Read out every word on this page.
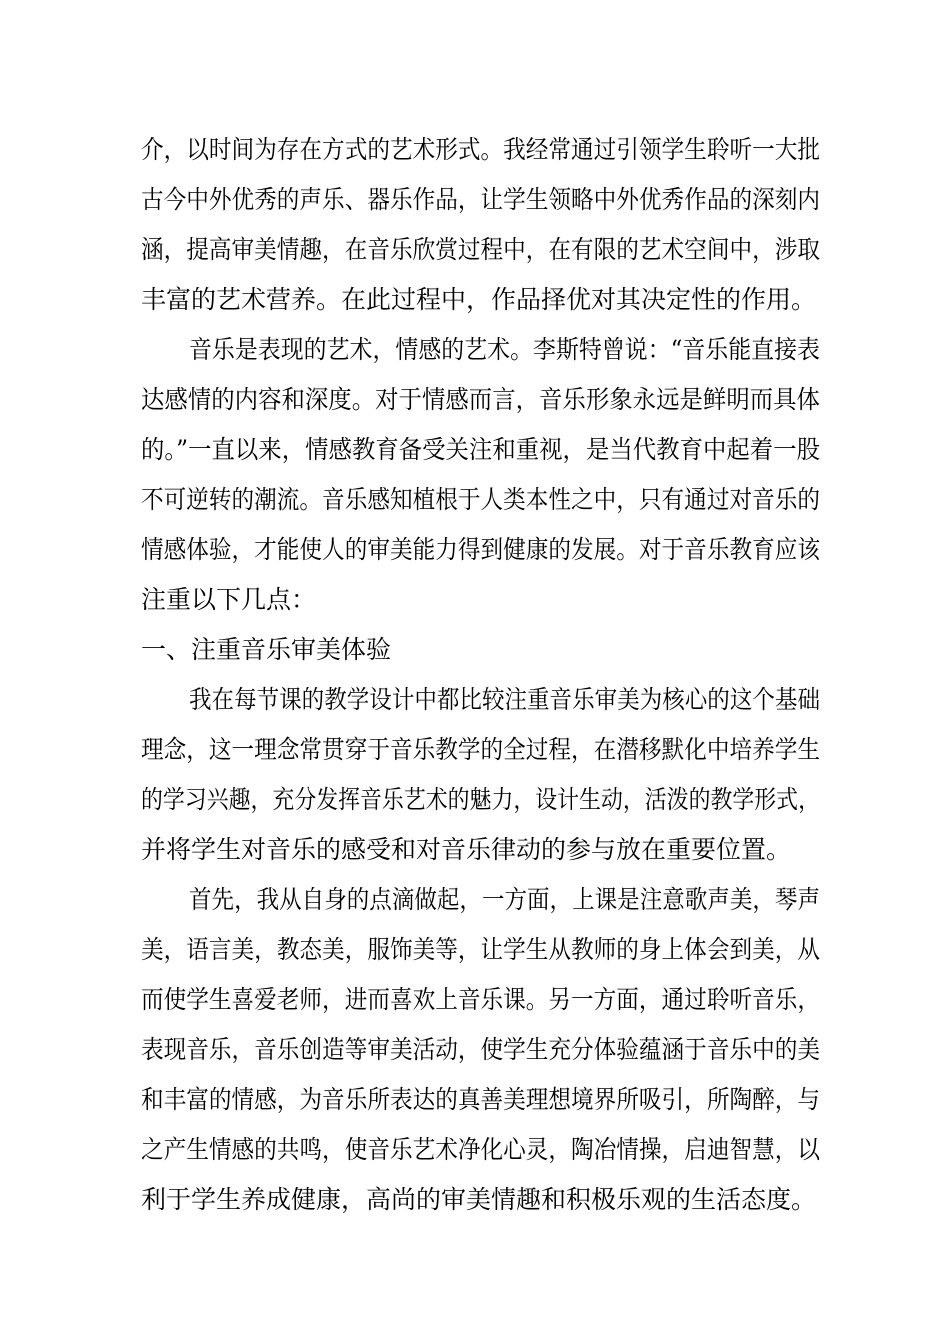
介，以时间为存在方式的艺术形式。我经常通过引领学生聆听一大批
古今中外优秀的声乐、器乐作品，让学生领略中外优秀作品的深刻内
涵，提高审美情趣，在音乐欣赏过程中，在有限的艺术空间中，涉取
丰富的艺术营养。在此过程中，作品择优对其决定性的作用。
音乐是表现的艺术，情感的艺术。李斯特曾说：“音乐能直接表
达感情的内容和深度。对于情感而言，音乐形象永远是鲜明而具体
的。”一直以来，情感教育备受关注和重视，是当代教育中起着一股
不可逆转的潮流。音乐感知植根于人类本性之中，只有通过对音乐的
情感体验，才能使人的审美能力得到健康的发展。对于音乐教育应该
注重以下几点：
一、注重音乐审美体验
我在每节课的教学设计中都比较注重音乐审美为核心的这个基础
理念，这一理念常贯穿于音乐教学的全过程，在潜移默化中培养学生
的学习兴趣，充分发挥音乐艺术的魅力，设计生动，活泼的教学形式，
并将学生对音乐的感受和对音乐律动的参与放在重要位置。
首先，我从自身的点滴做起，一方面，上课是注意歌声美，琴声
美，语言美，教态美，服饰美等，让学生从教师的身上体会到美，从
而使学生喜爱老师，进而喜欢上音乐课。另一方面，通过聆听音乐，
表现音乐，音乐创造等审美活动，使学生充分体验蕴涵于音乐中的美
和丰富的情感，为音乐所表达的真善美理想境界所吸引，所陶醉，与
之产生情感的共鸣，使音乐艺术净化心灵，陶冶情操，启迪智慧，以
利于学生养成健康，高尚的审美情趣和积极乐观的生活态度。
